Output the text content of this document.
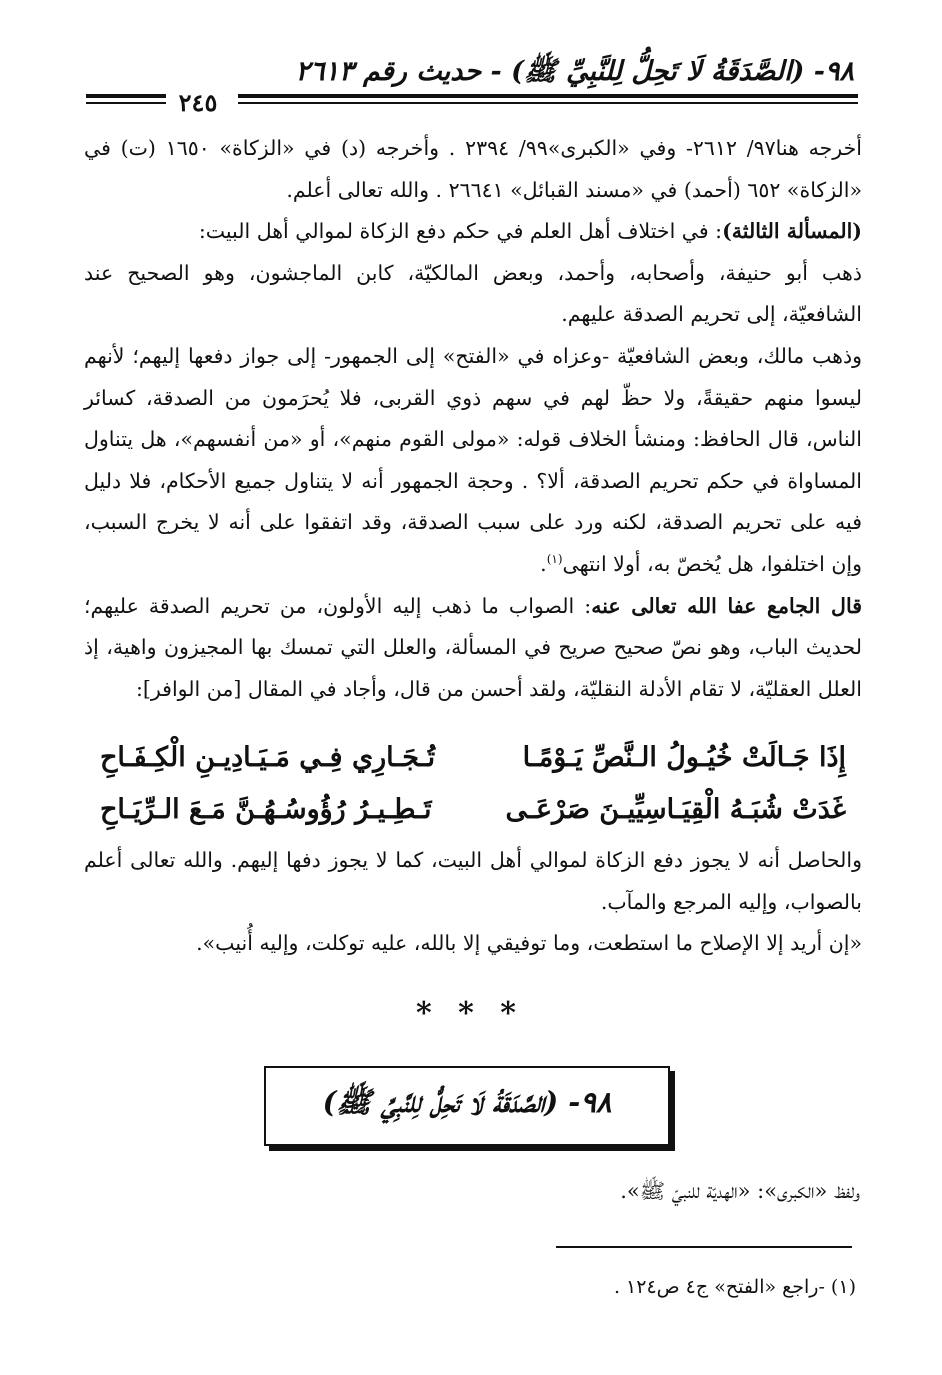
٩٨- (الصَّدَقَةُ لَا تَحِلُّ لِلنَّبِيِّ ﷺ) - حديث رقم ٢٦١٣
٢٤٥

أخرجه هنا٩٧/ ٢٦١٢- وفي «الكبرى»٩٩/ ٢٣٩٤ . وأخرجه (د) في «الزكاة» ١٦٥٠ (ت) في «الزكاة» ٦٥٢ (أحمد) في «مسند القبائل» ٢٦٦٤١ . والله تعالى أعلم.

(المسألة الثالثة): في اختلاف أهل العلم في حكم دفع الزكاة لموالي أهل البيت:

ذهب أبو حنيفة، وأصحابه، وأحمد، وبعض المالكيّة، كابن الماجشون، وهو الصحيح عند الشافعيّة، إلى تحريم الصدقة عليهم.

وذهب مالك، وبعض الشافعيّة -وعزاه في «الفتح» إلى الجمهور- إلى جواز دفعها إليهم؛ لأنهم ليسوا منهم حقيقةً، ولا حظّ لهم في سهم ذوي القربى، فلا يُحرَمون من الصدقة، كسائر الناس، قال الحافظ: ومنشأ الخلاف قوله: «مولى القوم منهم»، أو «من أنفسهم»، هل يتناول المساواة في حكم تحريم الصدقة، ألا؟ . وحجة الجمهور أنه لا يتناول جميع الأحكام، فلا دليل فيه على تحريم الصدقة، لكنه ورد على سبب الصدقة، وقد اتفقوا على أنه لا يخرج السبب، وإن اختلفوا، هل يُخصّ به، أولا انتهى$^{(١)}$.

قال الجامع عفا الله تعالى عنه: الصواب ما ذهب إليه الأولون، من تحريم الصدقة عليهم؛ لحديث الباب، وهو نصّ صحيح صريح في المسألة، والعلل التي تمسك بها المجيزون واهية، إذ العلل العقليّة، لا تقام الأدلة النقليّة، ولقد أحسن من قال، وأجاد في المقال [من الوافر]:

إِذَا جَـالَتْ خُيُـولُ الـنَّصِّ يَـوْمًـا
تُـجَـارِي فِـي مَـيَـادِيـنِ الْكِـفَـاحِ
غَدَتْ شُبَـهُ الْقِيَـاسِيِّيـنَ صَرْعَـى
تَـطِـيـرُ رُؤُوسُـهُـنَّ مَـعَ الـرِّيَـاحِ

والحاصل أنه لا يجوز دفع الزكاة لموالي أهل البيت، كما لا يجوز دفها إليهم. والله تعالى أعلم بالصواب، وإليه المرجع والمآب.

«إن أريد إلا الإصلاح ما استطعت، وما توفيقي إلا بالله، عليه توكلت، وإليه أُنيب».

* * *
٩٨- (الصَّدَقَةُ لَا تَحِلُّ لِلنَّبِيِّ ﷺ)
ولفظ «الكبرى»: «الهديّة للنبيّ ﷺ».
(١) -راجع «الفتح» ج٤ ص١٢٤ .
